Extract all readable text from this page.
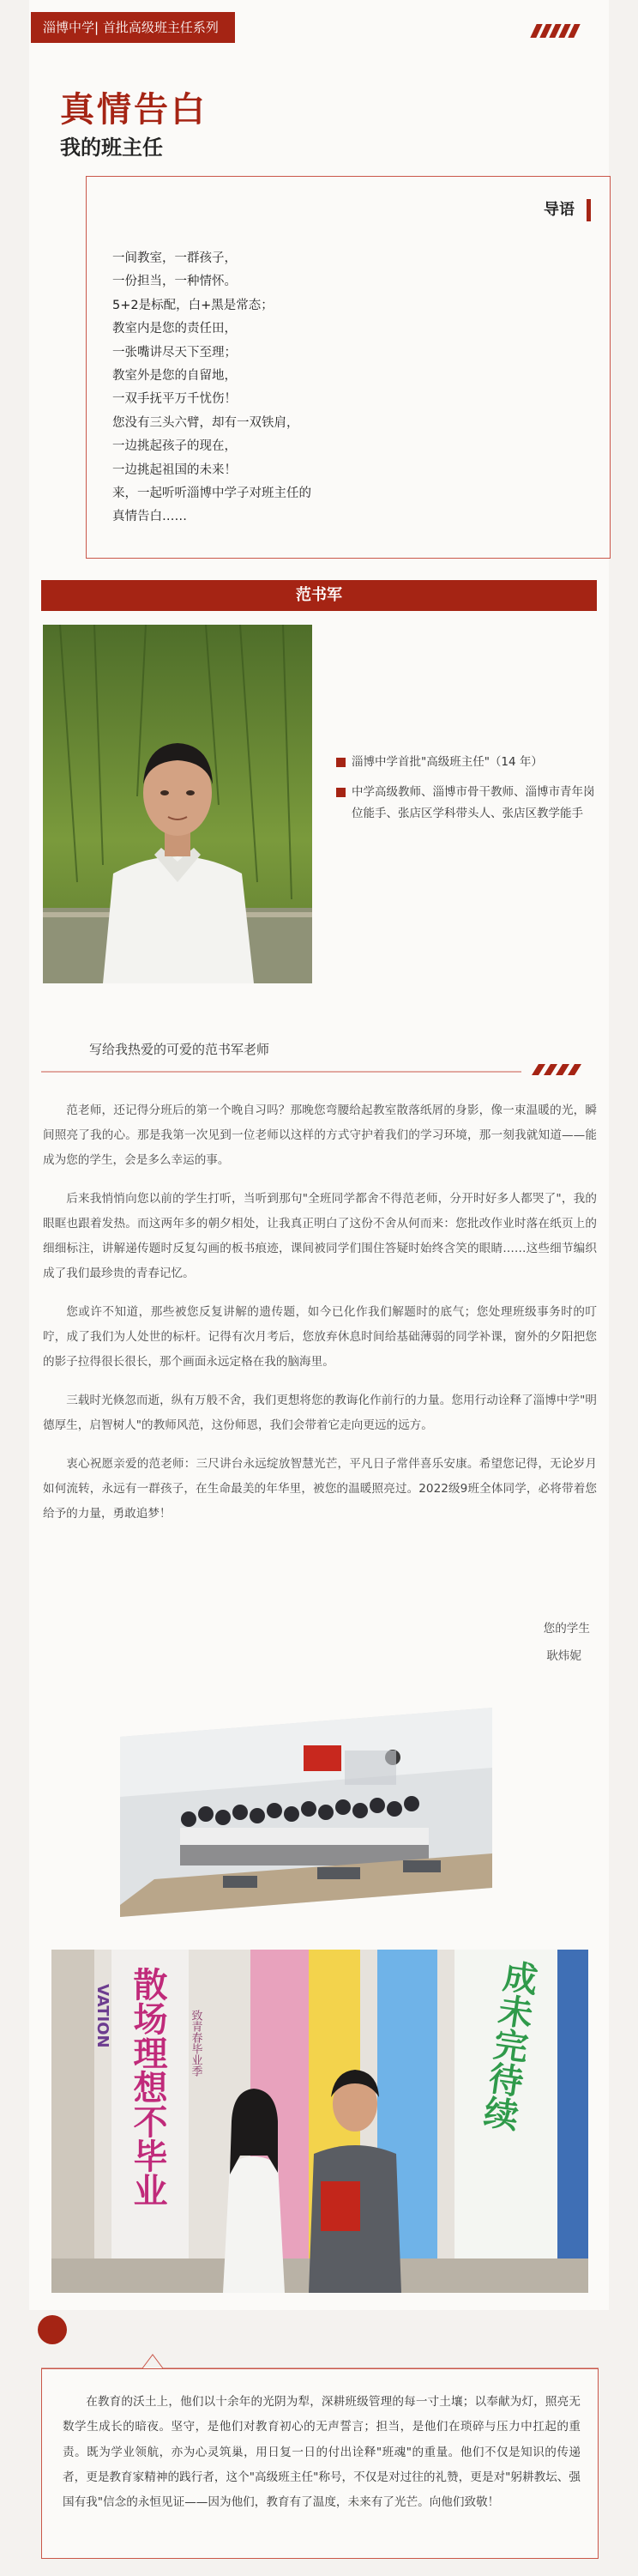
淄博中学| 首批高级班主任系列
真情告白
我的班主任
导语

一间教室，一群孩子，

一份担当，一种情怀。

5+2是标配，白+黑是常态；

教室内是您的责任田，

一张嘴讲尽天下至理；

教室外是您的自留地，

一双手抚平万千忧伤！

您没有三头六臂，却有一双铁肩，

一边挑起孩子的现在，

一边挑起祖国的未来！

来，一起听听淄博中学子对班主任的

真情告白……

范书军
淄博中学首批"高级班主任"（14 年）
中学高级教师、淄博市骨干教师、淄博市青年岗位能手、张店区学科带头人、张店区教学能手
写给我热爱的可爱的范书军老师

范老师，还记得分班后的第一个晚自习吗？那晚您弯腰给起教室散落纸屑的身影，像一束温暖的光，瞬间照亮了我的心。那是我第一次见到一位老师以这样的方式守护着我们的学习环境，那一刻我就知道——能成为您的学生，会是多么幸运的事。

后来我悄悄向您以前的学生打听，当听到那句"全班同学都舍不得范老师，分开时好多人都哭了"，我的眼眶也跟着发热。而这两年多的朝夕相处，让我真正明白了这份不舍从何而来：您批改作业时落在纸页上的细细标注，讲解递传题时反复勾画的板书痕迹，课间被同学们围住答疑时始终含笑的眼睛……这些细节编织成了我们最珍贵的青春记忆。

您或许不知道，那些被您反复讲解的遗传题，如今已化作我们解题时的底气；您处理班级事务时的叮咛，成了我们为人处世的标杆。记得有次月考后，您放弃休息时间给基础薄弱的同学补课，窗外的夕阳把您的影子拉得很长很长，那个画面永远定格在我的脑海里。

三载时光倏忽而逝，纵有万般不舍，我们更想将您的教诲化作前行的力量。您用行动诠释了淄博中学"明德厚生，启智树人"的教师风范，这份师恩，我们会带着它走向更远的远方。

衷心祝愿亲爱的范老师：三尺讲台永远绽放智慧光芒，平凡日子常伴喜乐安康。希望您记得，无论岁月如何流转，永远有一群孩子，在生命最美的年华里，被您的温暖照亮过。2022级9班全体同学，必将带着您给予的力量，勇敢追梦！

您的学生
耿炜妮
VATION 散场理想不毕业 致青春毕业季	成未完待续

在教育的沃土上，他们以十余年的光阴为犁，深耕班级管理的每一寸土壤；以奉献为灯，照亮无数学生成长的暗夜。坚守，是他们对教育初心的无声誓言；担当，是他们在琐碎与压力中扛起的重责。既为学业领航，亦为心灵筑巢，用日复一日的付出诠释"班魂"的重量。他们不仅是知识的传递者，更是教育家精神的践行者，这个"高级班主任"称号，不仅是对过往的礼赞，更是对"躬耕教坛、强国有我"信念的永恒见证——因为他们，教育有了温度，未来有了光芒。向他们致敬！
